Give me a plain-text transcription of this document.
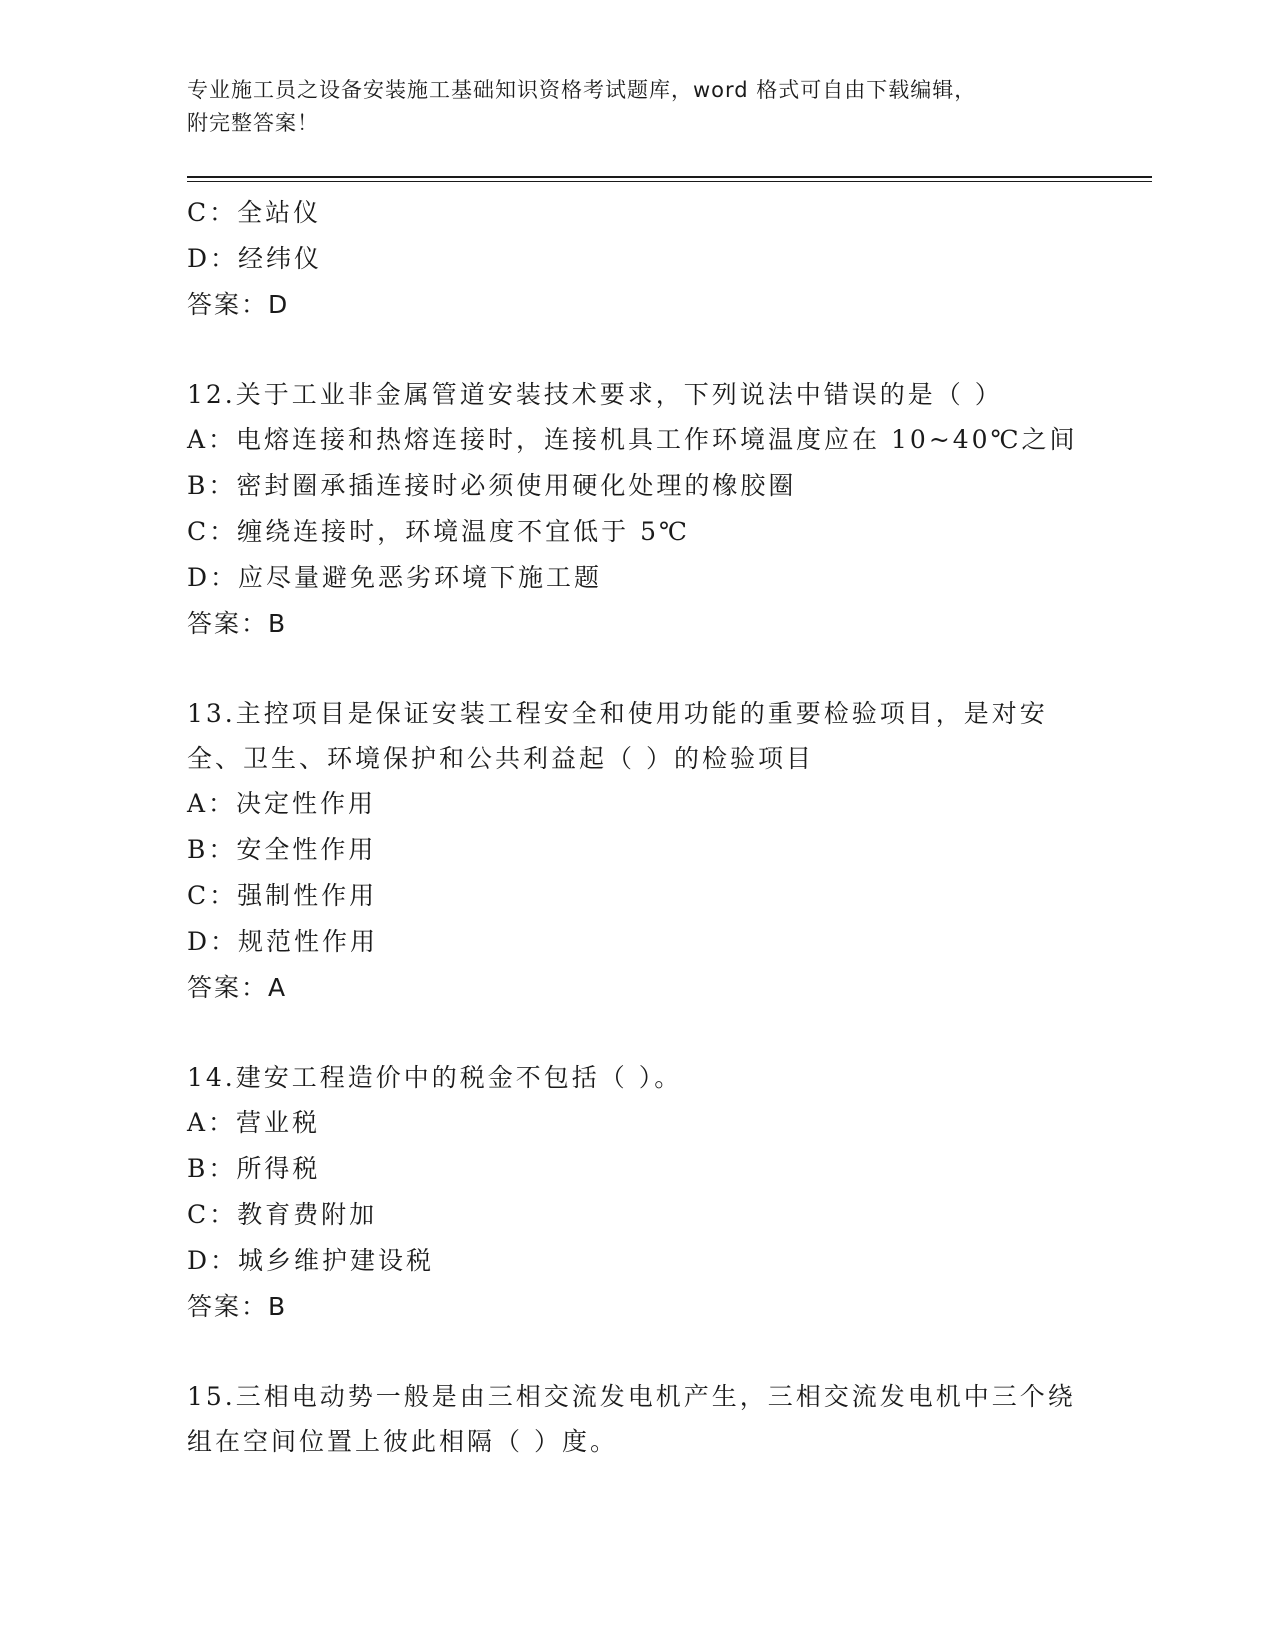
专业施工员之设备安装施工基础知识资格考试题库，word 格式可自由下载编辑，
附完整答案！
C：全站仪
D：经纬仪
答案：D
12.关于工业非金属管道安装技术要求，下列说法中错误的是（ ）
A：电熔连接和热熔连接时，连接机具工作环境温度应在 10~40℃之间
B：密封圈承插连接时必须使用硬化处理的橡胶圈
C：缠绕连接时，环境温度不宜低于 5℃
D：应尽量避免恶劣环境下施工题
答案：B
13.主控项目是保证安装工程安全和使用功能的重要检验项目，是对安全、卫生、环境保护和公共利益起（ ）的检验项目
A：决定性作用
B：安全性作用
C：强制性作用
D：规范性作用
答案：A
14.建安工程造价中的税金不包括（ ）。
A：营业税
B：所得税
C：教育费附加
D：城乡维护建设税
答案：B
15.三相电动势一般是由三相交流发电机产生，三相交流发电机中三个绕组在空间位置上彼此相隔（ ）度。
